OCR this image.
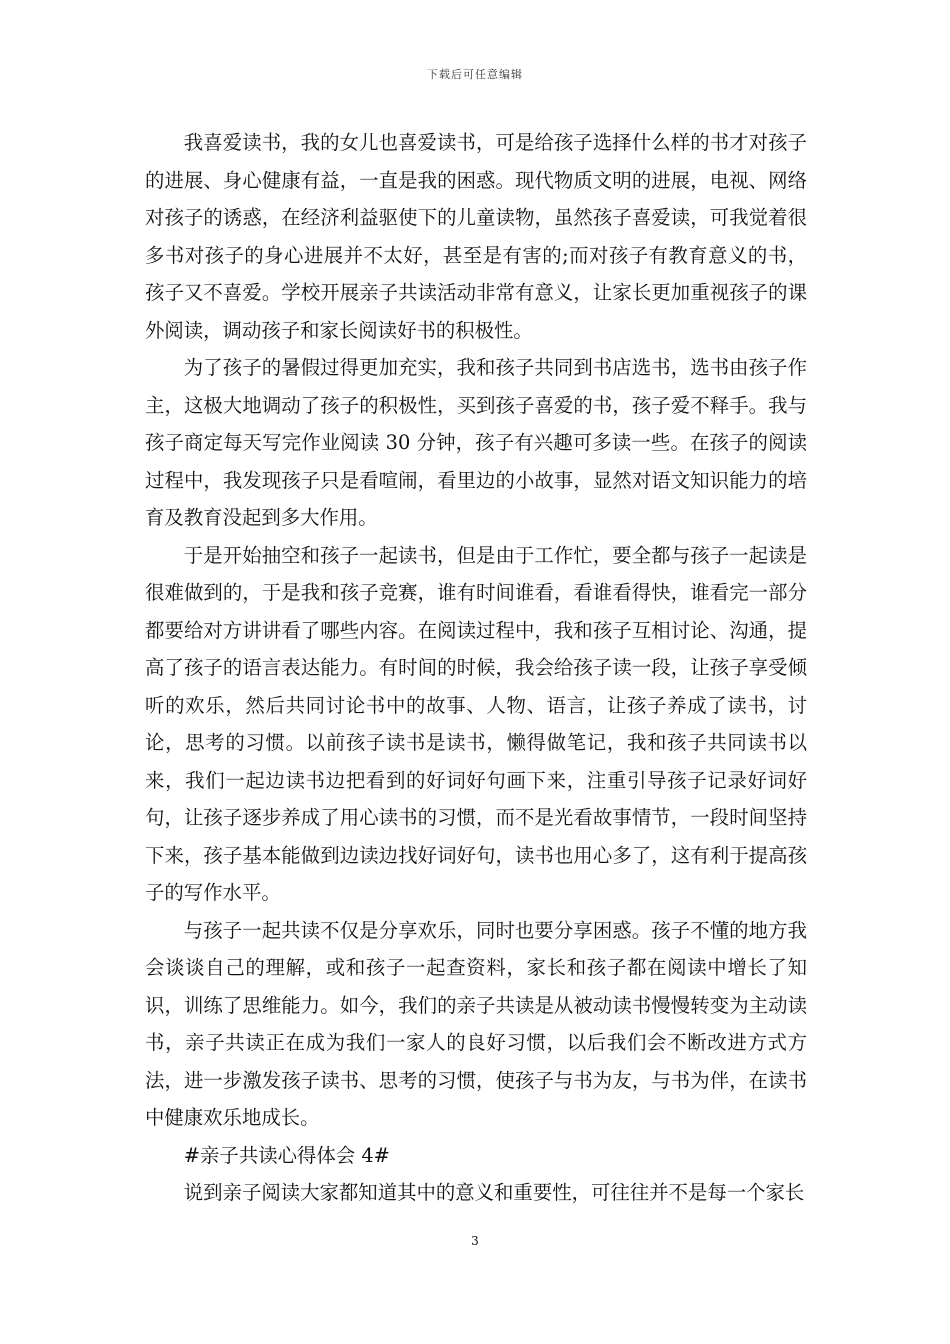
下载后可任意编辑

我喜爱读书，我的女儿也喜爱读书，可是给孩子选择什么样的书才对孩子的进展、身心健康有益，一直是我的困惑。现代物质文明的进展，电视、网络对孩子的诱惑，在经济利益驱使下的儿童读物，虽然孩子喜爱读，可我觉着很多书对孩子的身心进展并不太好，甚至是有害的;而对孩子有教育意义的书，孩子又不喜爱。学校开展亲子共读活动非常有意义，让家长更加重视孩子的课外阅读，调动孩子和家长阅读好书的积极性。

为了孩子的暑假过得更加充实，我和孩子共同到书店选书，选书由孩子作主，这极大地调动了孩子的积极性，买到孩子喜爱的书，孩子爱不释手。我与孩子商定每天写完作业阅读 30 分钟，孩子有兴趣可多读一些。在孩子的阅读过程中，我发现孩子只是看喧闹，看里边的小故事，显然对语文知识能力的培育及教育没起到多大作用。

于是开始抽空和孩子一起读书，但是由于工作忙，要全都与孩子一起读是很难做到的，于是我和孩子竞赛，谁有时间谁看，看谁看得快，谁看完一部分都要给对方讲讲看了哪些内容。在阅读过程中，我和孩子互相讨论、沟通，提高了孩子的语言表达能力。有时间的时候，我会给孩子读一段，让孩子享受倾听的欢乐，然后共同讨论书中的故事、人物、语言，让孩子养成了读书，讨论，思考的习惯。以前孩子读书是读书，懒得做笔记，我和孩子共同读书以来，我们一起边读书边把看到的好词好句画下来，注重引导孩子记录好词好句，让孩子逐步养成了用心读书的习惯，而不是光看故事情节，一段时间坚持下来，孩子基本能做到边读边找好词好句，读书也用心多了，这有利于提高孩子的写作水平。

与孩子一起共读不仅是分享欢乐，同时也要分享困惑。孩子不懂的地方我会谈谈自己的理解，或和孩子一起查资料，家长和孩子都在阅读中增长了知识，训练了思维能力。如今，我们的亲子共读是从被动读书慢慢转变为主动读书，亲子共读正在成为我们一家人的良好习惯，以后我们会不断改进方式方法，进一步激发孩子读书、思考的习惯，使孩子与书为友，与书为伴，在读书中健康欢乐地成长。

#亲子共读心得体会 4#

说到亲子阅读大家都知道其中的意义和重要性，可往往并不是每一个家长

3
